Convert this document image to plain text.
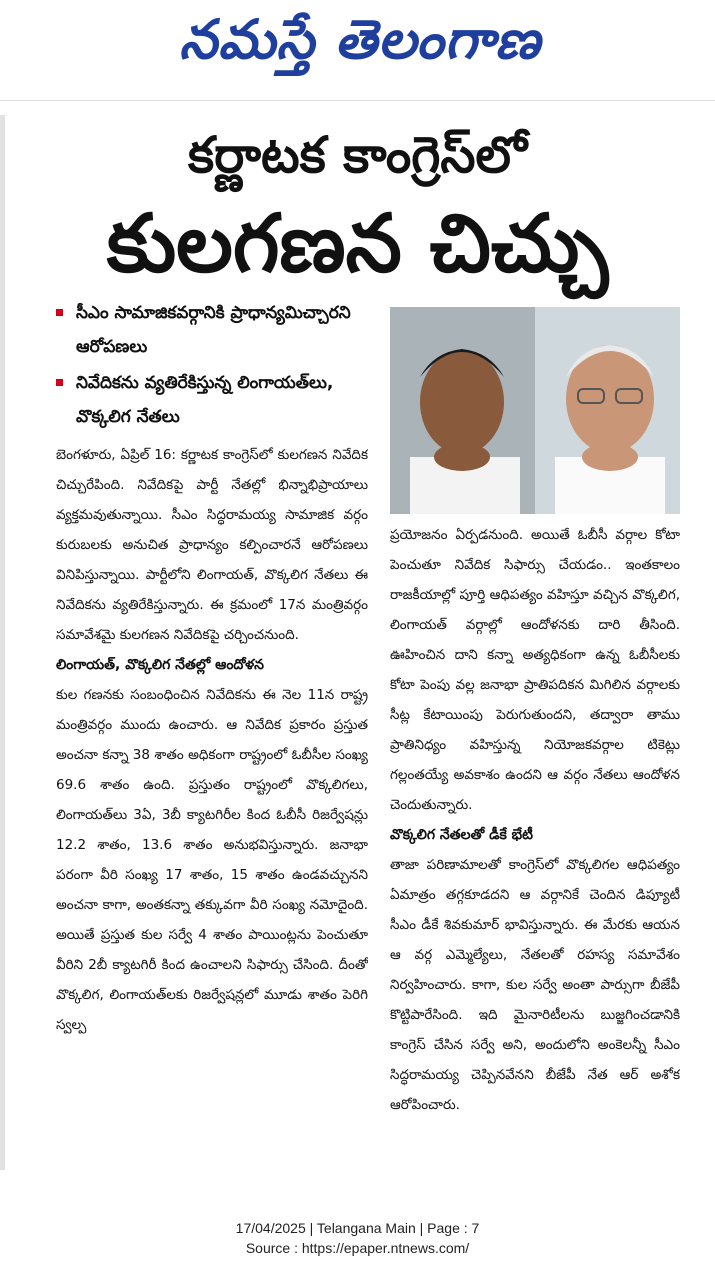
నమస్తే తెలంగాణ
కర్ణాటక కాంగ్రెస్‌లో
కులగణన చిచ్చు
సీఎం సామాజికవర్గానికి ప్రాధాన్యమిచ్చారని ఆరోపణలు
నివేదికను వ్యతిరేకిస్తున్న లింగాయత్‌లు, వొక్కలిగ నేతలు

బెంగళూరు, ఏప్రిల్ 16: కర్ణాటక కాంగ్రెస్‌లో కులగణన నివేదిక చిచ్చురేపింది. నివేదికపై పార్టీ నేతల్లో భిన్నాభిప్రాయాలు వ్యక్తమవుతున్నాయి. సీఎం సిద్ధరామయ్య సామాజిక వర్గం కురుబలకు అనుచిత ప్రాధాన్యం కల్పించారనే ఆరోపణలు వినిపిస్తున్నాయి. పార్టీలోని లింగాయత్, వొక్కలిగ నేతలు ఈ నివేదికను వ్యతిరేకిస్తున్నారు. ఈ క్రమంలో 17న మంత్రివర్గం సమావేశమై కులగణన నివేదికపై చర్చించనుంది.

లింగాయత్, వొక్కలిగ నేతల్లో ఆందోళన

కుల గణనకు సంబంధించిన నివేదికను ఈ నెల 11న రాష్ట్ర మంత్రివర్గం ముందు ఉంచారు. ఆ నివేదిక ప్రకారం ప్రస్తుత అంచనా కన్నా 38 శాతం అధికంగా రాష్ట్రంలో ఓబీసీల సంఖ్య 69.6 శాతం ఉంది. ప్రస్తుతం రాష్ట్రంలో వొక్కలిగలు, లింగాయత్‌లు 3ఏ, 3బీ క్యాటగిరీల కింద ఓబీసీ రిజర్వేషన్లు 12.2 శాతం, 13.6 శాతం అనుభవిస్తున్నారు. జనాభా పరంగా వీరి సంఖ్య 17 శాతం, 15 శాతం ఉండవచ్చునని అంచనా కాగా, అంతకన్నా తక్కువగా వీరి సంఖ్య నమోదైంది. అయితే ప్రస్తుత కుల సర్వే 4 శాతం పాయింట్లను పెంచుతూ వీరిని 2బీ క్యాటగిరీ కింద ఉంచాలని సిఫార్సు చేసింది. దీంతో వొక్కలిగ, లింగాయత్‌లకు రిజర్వేషన్లలో మూడు శాతం పెరిగి స్వల్ప

ప్రయోజనం ఏర్పడనుంది. అయితే ఓబీసీ వర్గాల కోటా పెంచుతూ నివేదిక సిఫార్సు చేయడం.. ఇంతకాలం రాజకీయాల్లో పూర్తి ఆధిపత్యం వహిస్తూ వచ్చిన వొక్కలిగ, లింగాయత్ వర్గాల్లో ఆందోళనకు దారి తీసింది. ఊహించిన దాని కన్నా అత్యధికంగా ఉన్న ఓబీసీలకు కోటా పెంపు వల్ల జనాభా ప్రాతిపదికన మిగిలిన వర్గాలకు సీట్ల కేటాయింపు పెరుగుతుందని, తద్వారా తాము ప్రాతినిధ్యం వహిస్తున్న నియోజకవర్గాల టికెట్లు గల్లంతయ్యే అవకాశం ఉందని ఆ వర్గం నేతలు ఆందోళన చెందుతున్నారు.

వొక్కలిగ నేతలతో డీకే భేటీ

తాజా పరిణామాలతో కాంగ్రెస్‌లో వొక్కలిగల ఆధిపత్యం ఏమాత్రం తగ్గకూడదని ఆ వర్గానికే చెందిన డిప్యూటీ సీఎం డీకే శివకుమార్ భావిస్తున్నారు. ఈ మేరకు ఆయన ఆ వర్గ ఎమ్మెల్యేలు, నేతలతో రహస్య సమావేశం నిర్వహించారు. కాగా, కుల సర్వే అంతా పార్సుగా బీజేపీ కొట్టిపారేసింది. ఇది మైనారిటీలను బుజ్జగించడానికి కాంగ్రెస్ చేసిన సర్వే అని, అందులోని అంకెలన్నీ సీఎం సిద్ధరామయ్య చెప్పినవేనని బీజేపీ నేత ఆర్ అశోక ఆరోపించారు.

17/04/2025 | Telangana Main | Page : 7
Source : https://epaper.ntnews.com/
